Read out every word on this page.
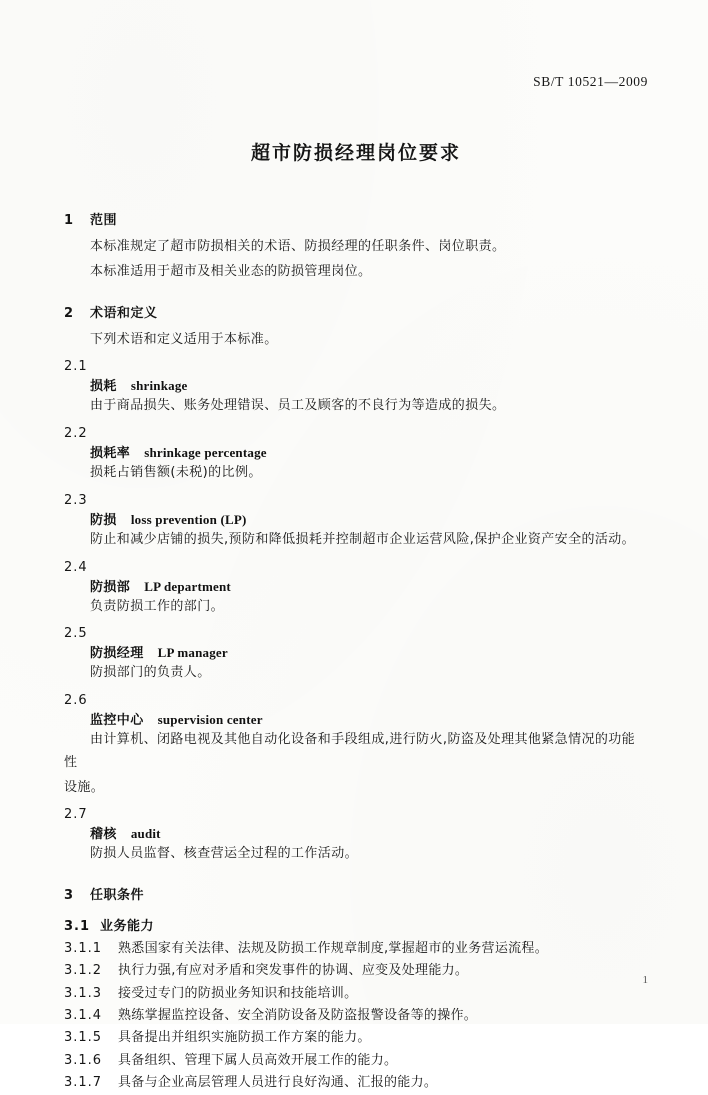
SB/T 10521—2009
超市防损经理岗位要求
1 范围

本标准规定了超市防损相关的术语、防损经理的任职条件、岗位职责。

本标准适用于超市及相关业态的防损管理岗位。

2 术语和定义

下列术语和定义适用于本标准。

2.1
损耗 shrinkage

由于商品损失、账务处理错误、员工及顾客的不良行为等造成的损失。

2.2
损耗率 shrinkage percentage

损耗占销售额(未税)的比例。

2.3
防损 loss prevention (LP)

防止和减少店铺的损失,预防和降低损耗并控制超市企业运营风险,保护企业资产安全的活动。

2.4
防损部 LP department

负责防损工作的部门。

2.5
防损经理 LP manager

防损部门的负责人。

2.6
监控中心 supervision center

由计算机、闭路电视及其他自动化设备和手段组成,进行防火,防盗及处理其他紧急情况的功能性

设施。

2.7
稽核 audit

防损人员监督、核查营运全过程的工作活动。

3 任职条件
3.1 业务能力
3.1.1 熟悉国家有关法律、法规及防损工作规章制度,掌握超市的业务营运流程。
3.1.2 执行力强,有应对矛盾和突发事件的协调、应变及处理能力。
3.1.3 接受过专门的防损业务知识和技能培训。
3.1.4 熟练掌握监控设备、安全消防设备及防盗报警设备等的操作。
3.1.5 具备提出并组织实施防损工作方案的能力。
3.1.6 具备组织、管理下属人员高效开展工作的能力。
3.1.7 具备与企业高层管理人员进行良好沟通、汇报的能力。
1
